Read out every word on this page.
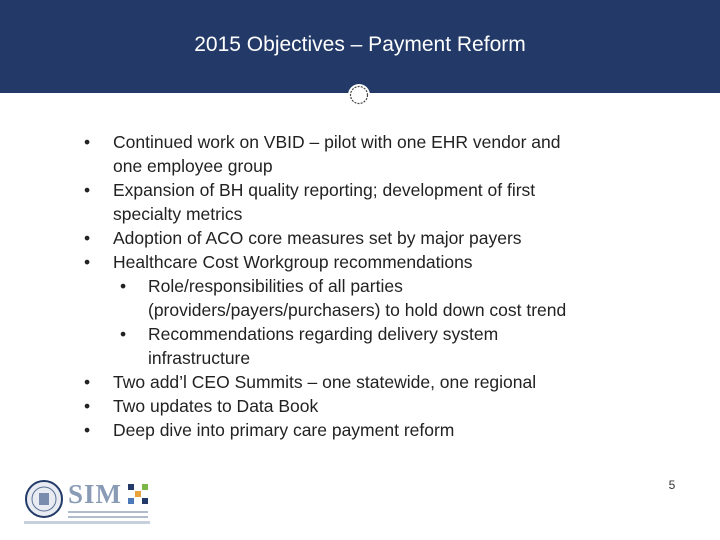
2015 Objectives – Payment Reform
•	Continued work on VBID – pilot with one EHR vendor and
one employee group
•	Expansion of BH quality reporting; development of first
specialty metrics
•	Adoption of ACO core measures set by major payers
•	Healthcare Cost Workgroup recommendations
•	Role/responsibilities of all parties
(providers/payers/purchasers) to hold down cost trend
•	Recommendations regarding delivery system
infrastructure
•	Two add’l CEO Summits – one statewide, one regional
•	Two updates to Data Book
•	Deep dive into primary care payment reform
SIM	5
